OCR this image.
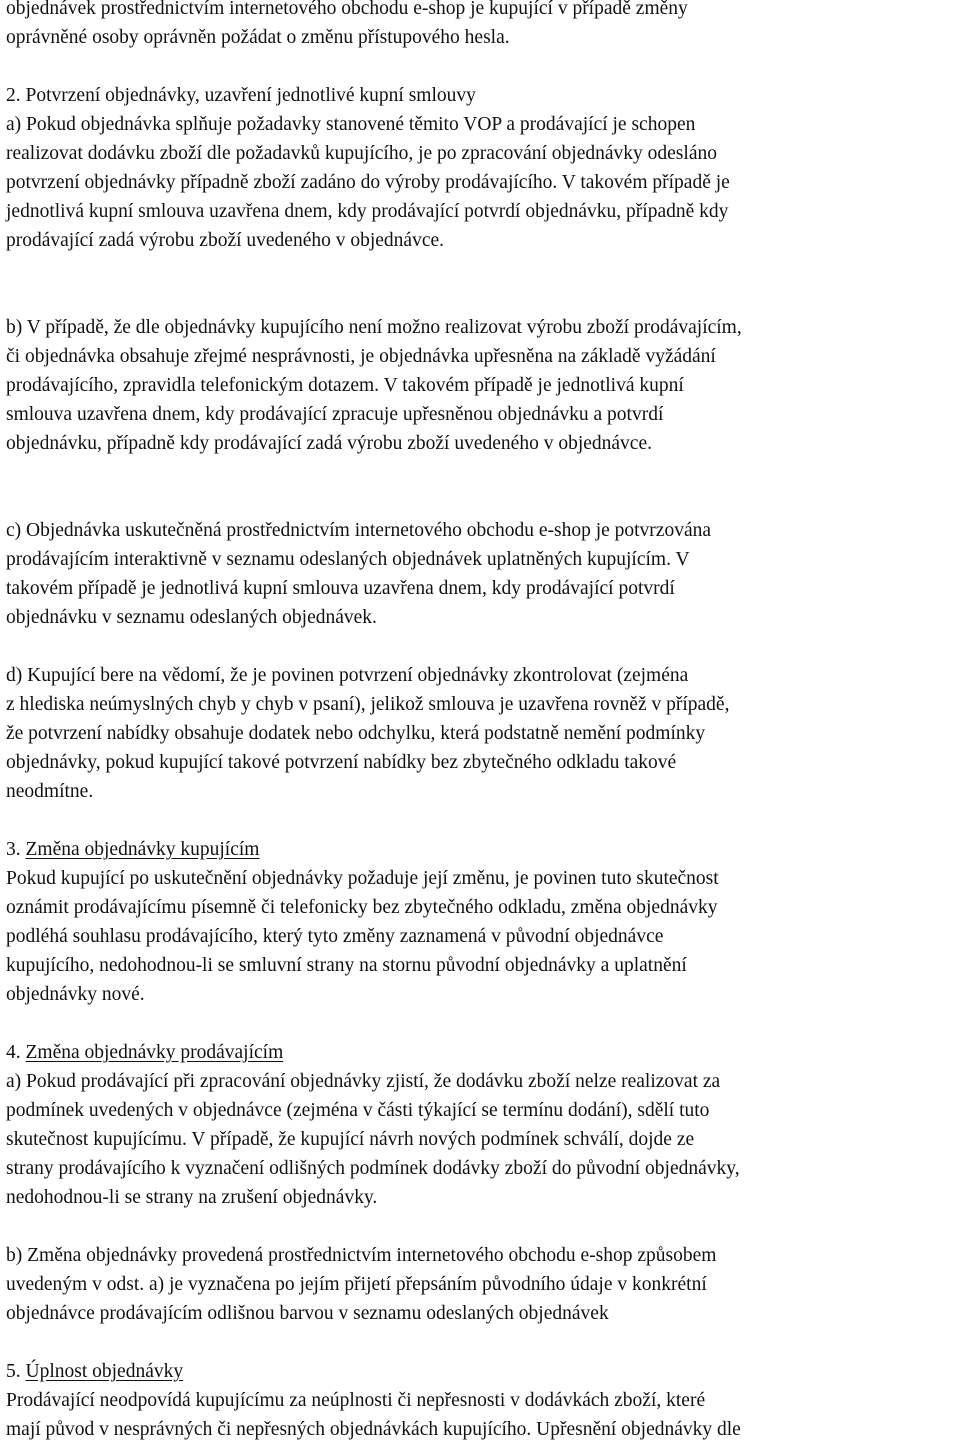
objednávek prostřednictvím internetového obchodu e-shop je kupující v případě změny
oprávněné osoby oprávněn požádat o změnu přístupového hesla.

2. Potvrzení objednávky, uzavření jednotlivé kupní smlouvy

a) Pokud objednávka splňuje požadavky stanovené těmito VOP a prodávající je schopen
realizovat dodávku zboží dle požadavků kupujícího, je po zpracování objednávky odesláno
potvrzení objednávky případně zboží zadáno do výroby prodávajícího. V takovém případě je
jednotlivá kupní smlouva uzavřena dnem, kdy prodávající potvrdí objednávku, případně kdy
prodávající zadá výrobu zboží uvedeného v objednávce.

b) V případě, že dle objednávky kupujícího není možno realizovat výrobu zboží prodávajícím,
či objednávka obsahuje zřejmé nesprávnosti, je objednávka upřesněna na základě vyžádání
prodávajícího, zpravidla telefonickým dotazem. V takovém případě je jednotlivá kupní
smlouva uzavřena dnem, kdy prodávající zpracuje upřesněnou objednávku a potvrdí
objednávku, případně kdy prodávající zadá výrobu zboží uvedeného v objednávce.

c) Objednávka uskutečněná prostřednictvím internetového obchodu e-shop je potvrzována
prodávajícím interaktivně v seznamu odeslaných objednávek uplatněných kupujícím. V
takovém případě je jednotlivá kupní smlouva uzavřena dnem, kdy prodávající potvrdí
objednávku v seznamu odeslaných objednávek.

d) Kupující bere na vědomí, že je povinen potvrzení objednávky zkontrolovat (zejména
z hlediska neúmyslných chyb y chyb v psaní), jelikož smlouva je uzavřena rovněž v případě,
že potvrzení nabídky obsahuje dodatek nebo odchylku, která podstatně nemění podmínky
objednávky, pokud kupující takové potvrzení nabídky bez zbytečného odkladu takové
neodmítne.

3. Změna objednávky kupujícím

Pokud kupující po uskutečnění objednávky požaduje její změnu, je povinen tuto skutečnost
oznámit prodávajícímu písemně či telefonicky bez zbytečného odkladu, změna objednávky
podléhá souhlasu prodávajícího, který tyto změny zaznamená v původní objednávce
kupujícího, nedohodnou-li se smluvní strany na stornu původní objednávky a uplatnění
objednávky nové.

4. Změna objednávky prodávajícím

a) Pokud prodávající při zpracování objednávky zjistí, že dodávku zboží nelze realizovat za
podmínek uvedených v objednávce (zejména v části týkající se termínu dodání), sdělí tuto
skutečnost kupujícímu. V případě, že kupující návrh nových podmínek schválí, dojde ze
strany prodávajícího k vyznačení odlišných podmínek dodávky zboží do původní objednávky,
nedohodnou-li se strany na zrušení objednávky.

b) Změna objednávky provedená prostřednictvím internetového obchodu e-shop způsobem
uvedeným v odst. a) je vyznačena po jejím přijetí přepsáním původního údaje v konkrétní
objednávce prodávajícím odlišnou barvou v seznamu odeslaných objednávek

5. Úplnost objednávky

Prodávající neodpovídá kupujícímu za neúplnosti či nepřesnosti v dodávkách zboží, které
mají původ v nesprávných či nepřesných objednávkách kupujícího. Upřesnění objednávky dle
